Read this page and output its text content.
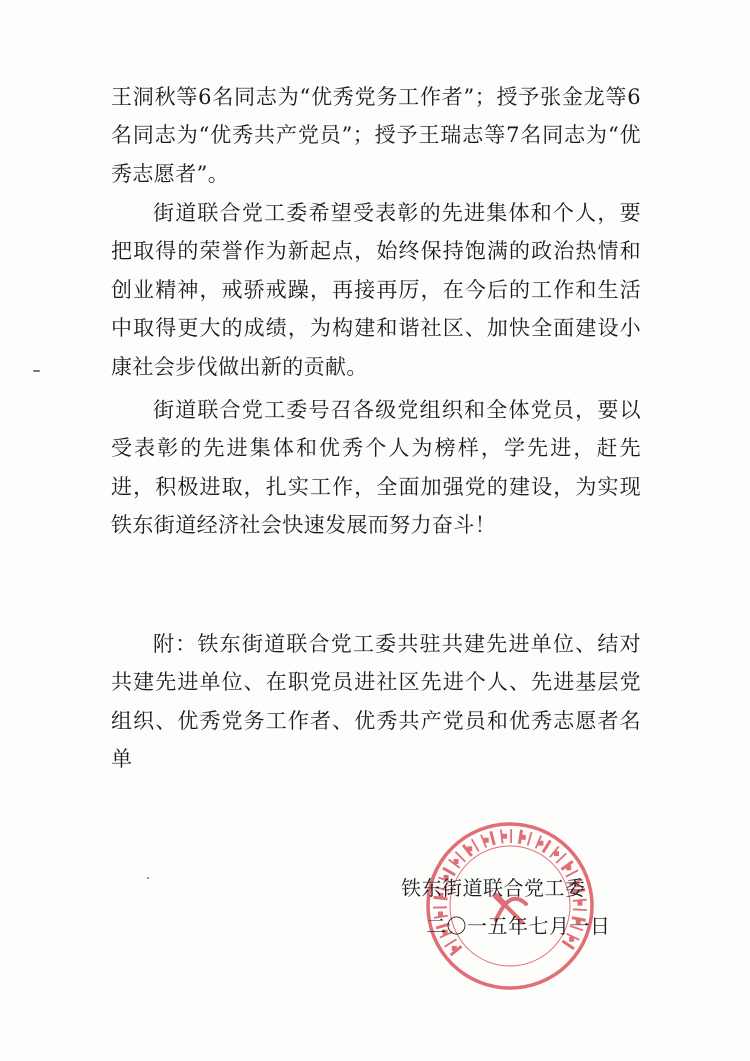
王洞秋等6名同志为“优秀党务工作者”；授予张金龙等6名同志为“优秀共产党员”；授予王瑞志等7名同志为“优秀志愿者”。

街道联合党工委希望受表彰的先进集体和个人，要把取得的荣誉作为新起点，始终保持饱满的政治热情和创业精神，戒骄戒躁，再接再厉，在今后的工作和生活中取得更大的成绩，为构建和谐社区、加快全面建设小康社会步伐做出新的贡献。

街道联合党工委号召各级党组织和全体党员，要以受表彰的先进集体和优秀个人为榜样，学先进，赶先进，积极进取，扎实工作，全面加强党的建设，为实现铁东街道经济社会快速发展而努力奋斗！

附：铁东街道联合党工委共驻共建先进单位、结对共建先进单位、在职党员进社区先进个人、先进基层党组织、优秀党务工作者、优秀共产党员和优秀志愿者名单

铁东街道联合党工委
二〇一五年七月一日
